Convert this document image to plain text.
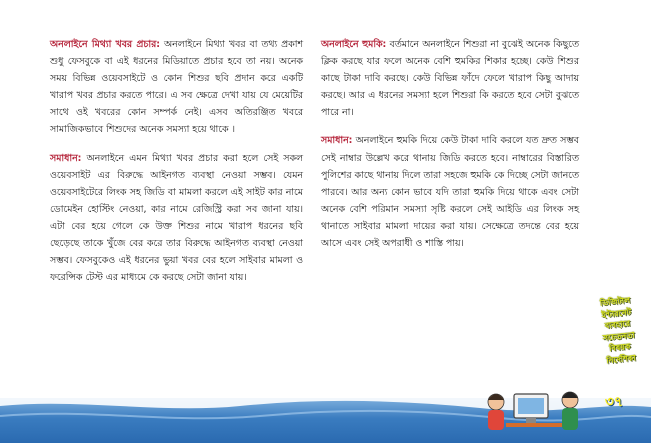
অনলাইনে মিথ্যা খবর প্রচার: অনলাইনে মিথ্যা খবর বা তথ্য প্রকাশ শুধু ফেসবুকে বা এই ধরনের মিডিয়াতে প্রচার হবে তা নয়। অনেক সময় বিভিন্ন ওয়েবসাইটে ও কোন শিশুর ছবি প্রদান করে একটি খারাপ খবর প্রচার করতে পারে। এ সব ক্ষেত্রে দেখা যায় যে মেয়েটির সাথে ওই খবরের কোন সম্পর্ক নেই। এসব অতিরঞ্জিত খবরে সামাজিকভাবে শিশুদের অনেক সমস্যা হয়ে থাকে ।

সমাধান: অনলাইনে এমন মিথ্যা খবর প্রচার করা হলে সেই সকল ওয়েবসাইট এর বিরুদ্ধে আইনগত ব্যবস্থা নেওয়া সম্ভব। যেমন ওয়েবসাইটেরে লিংক সহ জিডি বা মামলা করলে এই সাইট কার নামে ডোমেইন হোস্টিং নেওয়া, কার নামে রেজিস্ট্রি করা সব জানা যায়। এটা বের হয়ে গেলে কে উক্ত শিশুর নামে খারাপ ধরনের ছবি ছেড়েছে তাকে খুঁজে বের করে তার বিরুদ্ধে আইনগত ব্যবস্থা নেওয়া সম্ভব। ফেসবুকেও এই ধরনের ভুয়া খবর বের হলে সাইবার মামলা ও ফরেন্সিক টেস্ট এর মাধ্যমে কে করছে সেটা জানা যায়।

অনলাইনে হুমকি: বর্তমানে অনলাইনে শিশুরা না বুঝেই অনেক কিছুতে ক্লিক করছে যার ফলে অনেক বেশি হুমকির শিকার হচ্ছে। কেউ শিশুর কাছে টাকা দাবি করছে। কেউ বিভিন্ন ফাঁদে ফেলে খারাপ কিছু আদায় করছে। আর এ ধরনের সমস্যা হলে শিশুরা কি করতে হবে সেটা বুঝতে পারে না।

সমাধান: অনলাইনে হুমকি দিয়ে কেউ টাকা দাবি করলে যত দ্রুত সম্ভব সেই নাম্বার উল্লেখ করে থানায় জিডি করতে হবে। নাম্বারের বিস্তারিত পুলিশের কাছে থানায় দিলে তারা সহজে হুমকি কে দিচ্ছে সেটা জানতে পারবে। আর অন্য কোন ভাবে যদি তারা হুমকি দিয়ে থাকে এবং সেটা অনেক বেশি পরিমান সমস্যা সৃষ্টি করলে সেই আইডি এর লিংক সহ থানাতে সাইবার মামলা দায়ের করা যায়। সেক্ষেত্রে তদন্তে বের হয়ে আসে এবং সেই অপরাধী ও শাস্তি পায়।

ডিজিটাল
ইন্টারনেট
ব্যবহারে
সচেতনতা
বিষয়ক
নির্দেশিকা
৩৭
